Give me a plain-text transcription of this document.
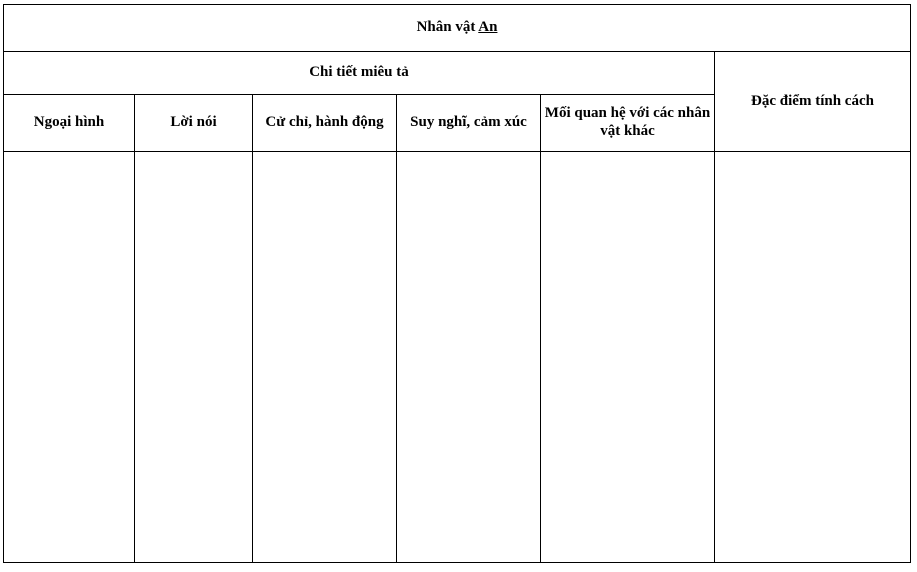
Nhân vật An					
Chi tiết miêu tả					Đặc điểm tính cách
Ngoại hình	Lời nói	Cử chỉ, hành động	Suy nghĩ, cảm xúc	Mối quan hệ với các nhân vật khác	
